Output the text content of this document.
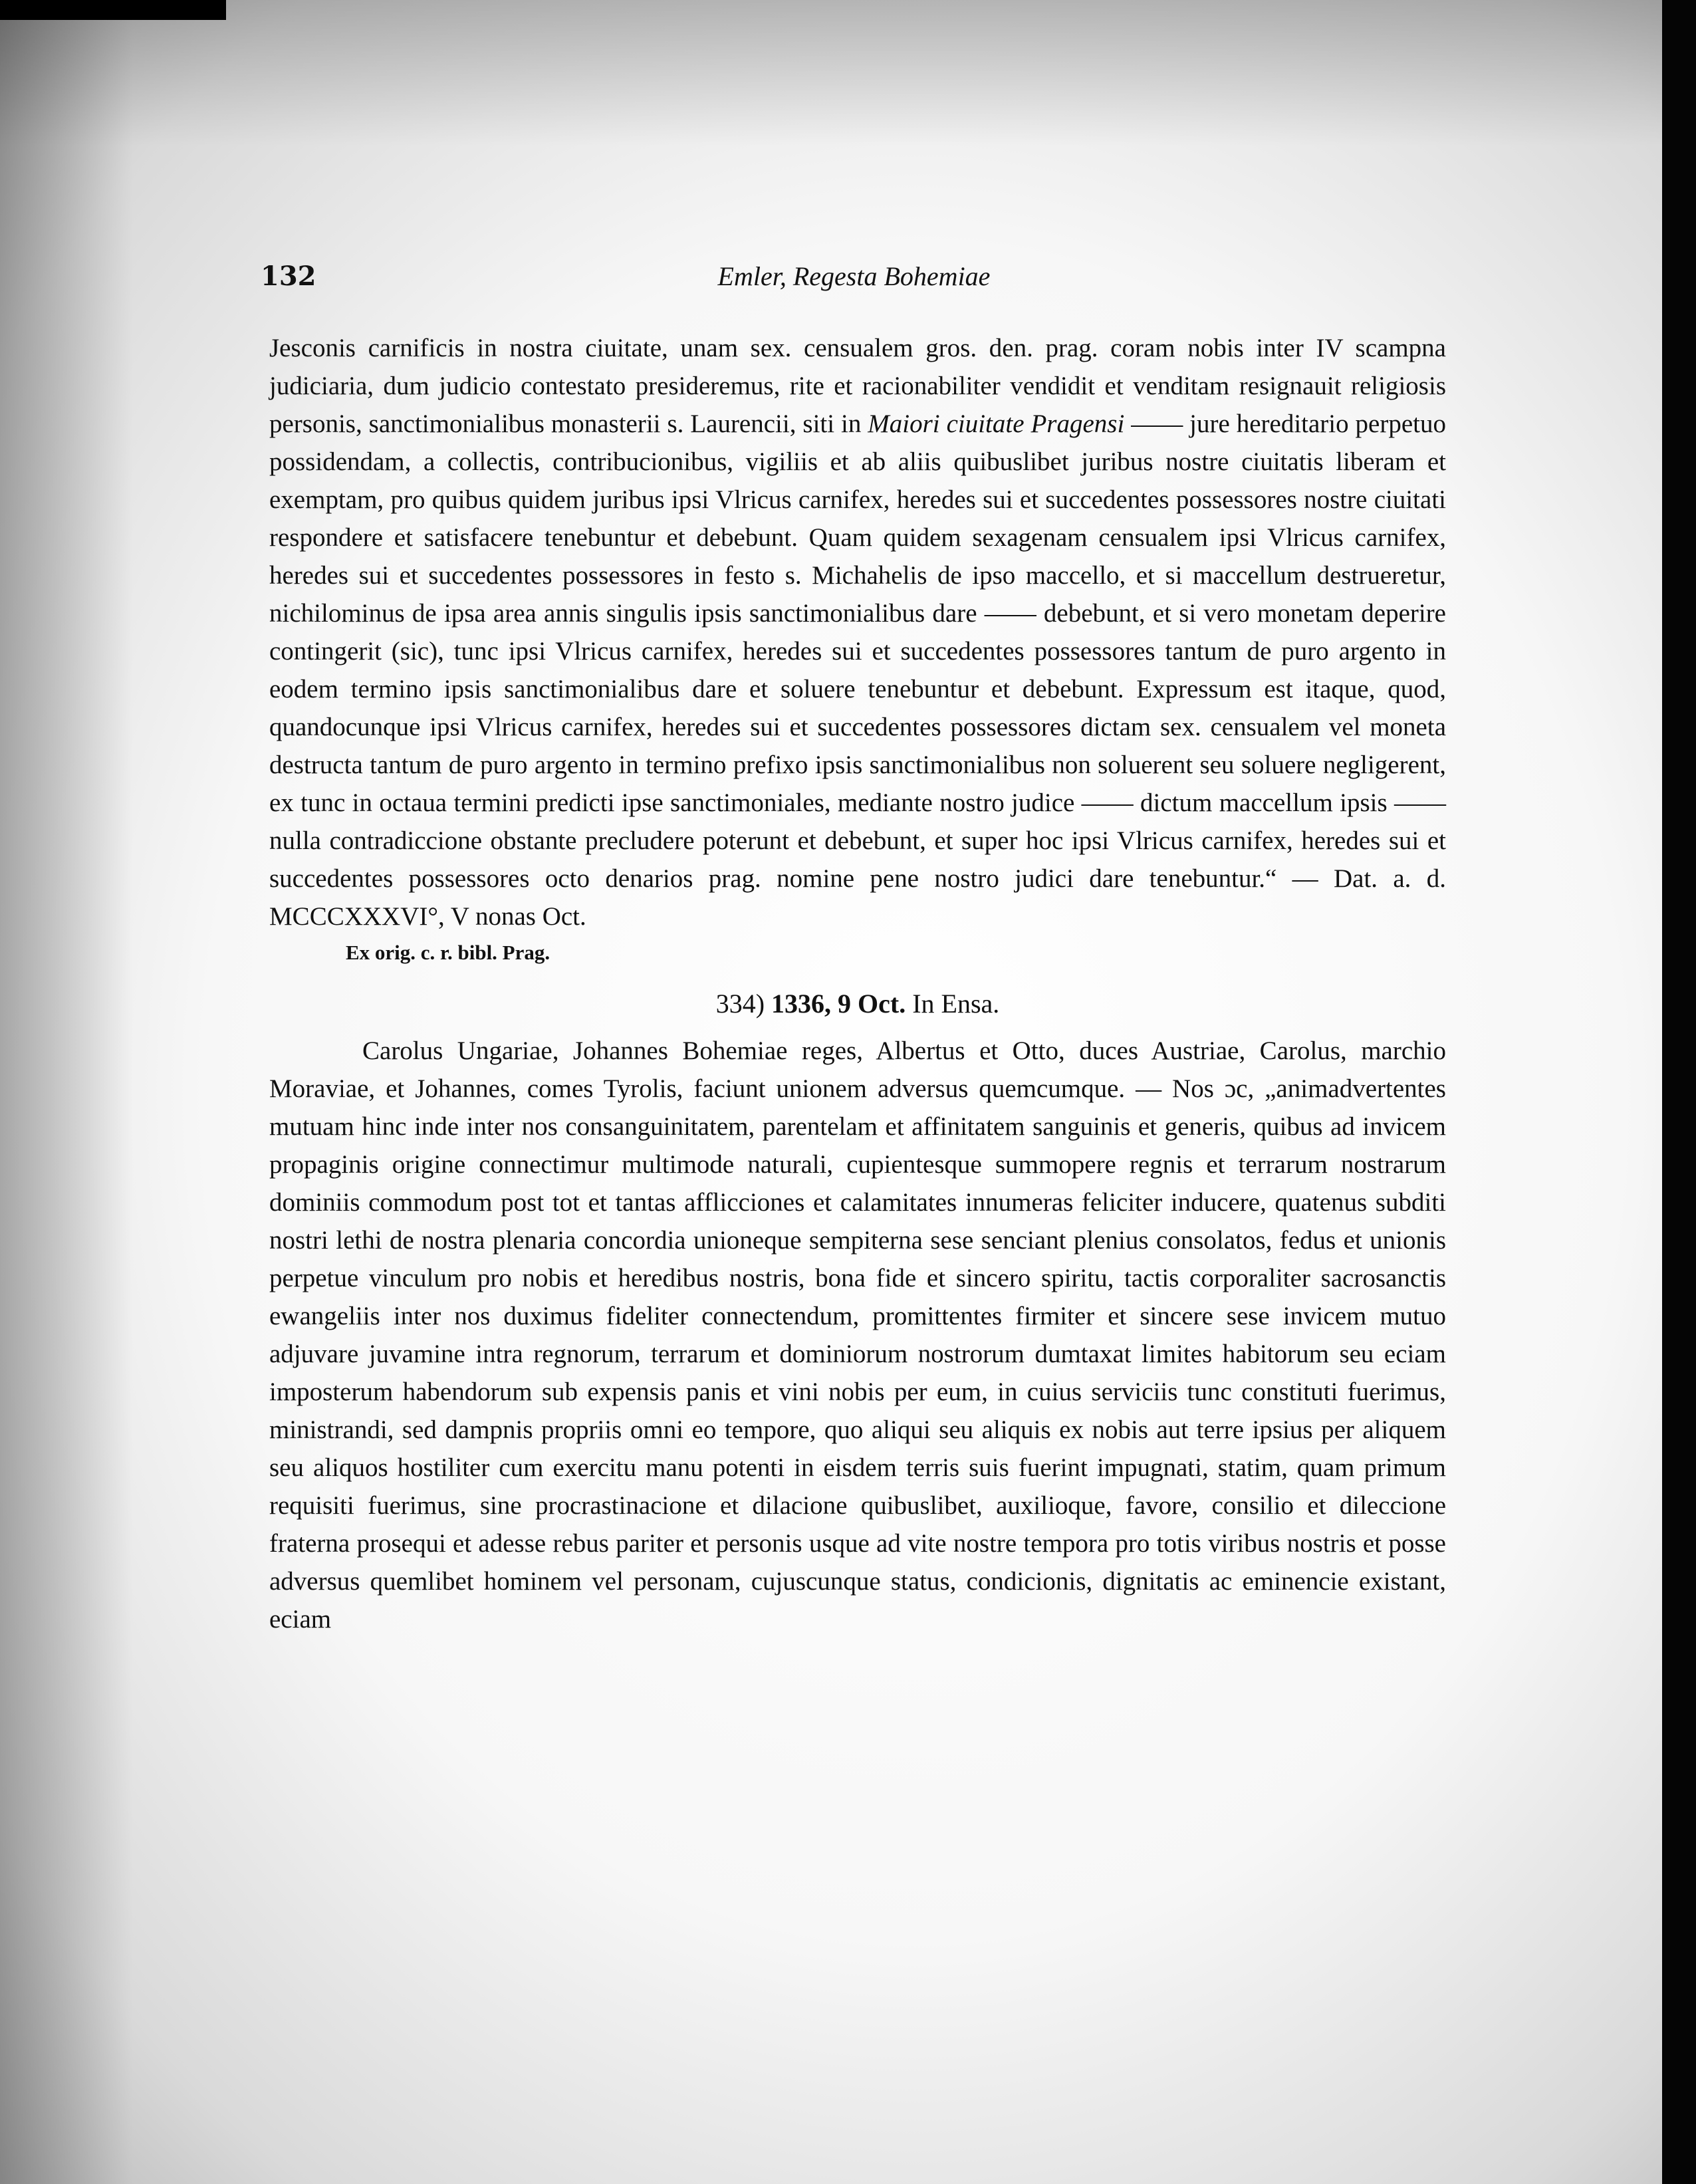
132	Emler, Regesta Bohemiae

Jesconis carnificis in nostra ciuitate, unam sex. censualem gros. den. prag. coram nobis inter IV scampna judiciaria, dum judicio contestato presideremus, rite et racionabiliter vendidit et venditam resignauit religiosis personis, sanctimonialibus monasterii s. Laurencii, siti in Maiori ciuitate Pragensi —— jure hereditario perpetuo possidendam, a collectis, contribucionibus, vigiliis et ab aliis quibuslibet juribus nostre ciuitatis liberam et exemptam, pro quibus quidem juribus ipsi Vlricus carnifex, heredes sui et succedentes possessores nostre ciuitati respondere et satisfacere tenebuntur et debebunt. Quam quidem sexagenam censualem ipsi Vlricus carnifex, heredes sui et succedentes possessores in festo s. Michahelis de ipso maccello, et si maccellum destrueretur, nichilominus de ipsa area annis singulis ipsis sanctimonialibus dare —— debebunt, et si vero monetam deperire contingerit (sic), tunc ipsi Vlricus carnifex, heredes sui et succedentes possessores tantum de puro argento in eodem termino ipsis sanctimonialibus dare et soluere tenebuntur et debebunt. Expressum est itaque, quod, quandocunque ipsi Vlricus carnifex, heredes sui et succedentes possessores dictam sex. censualem vel moneta destructa tantum de puro argento in termino prefixo ipsis sanctimonialibus non soluerent seu soluere negligerent, ex tunc in octaua termini predicti ipse sanctimoniales, mediante nostro judice —— dictum maccellum ipsis —— nulla contradiccione obstante precludere poterunt et debebunt, et super hoc ipsi Vlricus carnifex, heredes sui et succedentes possessores octo denarios prag. nomine pene nostro judici dare tenebuntur.“ — Dat. a. d. MCCCXXXVI°, V nonas Oct.

Ex orig. c. r. bibl. Prag.

334) 1336, 9 Oct. In Ensa.

Carolus Ungariae, Johannes Bohemiae reges, Albertus et Otto, duces Austriae, Carolus, marchio Moraviae, et Johannes, comes Tyrolis, faciunt unionem adversus quemcumque. — Nos ɔc, „animadvertentes mutuam hinc inde inter nos consanguinitatem, parentelam et affinitatem sanguinis et generis, quibus ad invicem propaginis origine connectimur multimode naturali, cupientesque summopere regnis et terrarum nostrarum dominiis commodum post tot et tantas afflicciones et calamitates innumeras feliciter inducere, quatenus subditi nostri lethi de nostra plenaria concordia unioneque sempiterna sese senciant plenius consolatos, fedus et unionis perpetue vinculum pro nobis et heredibus nostris, bona fide et sincero spiritu, tactis corporaliter sacrosanctis ewangeliis inter nos duximus fideliter connectendum, promittentes firmiter et sincere sese invicem mutuo adjuvare juvamine intra regnorum, terrarum et dominiorum nostrorum dumtaxat limites habitorum seu eciam imposterum habendorum sub expensis panis et vini nobis per eum, in cuius serviciis tunc constituti fuerimus, ministrandi, sed dampnis propriis omni eo tempore, quo aliqui seu aliquis ex nobis aut terre ipsius per aliquem seu aliquos hostiliter cum exercitu manu potenti in eisdem terris suis fuerint impugnati, statim, quam primum requisiti fuerimus, sine procrastinacione et dilacione quibuslibet, auxilioque, favore, consilio et dileccione fraterna prosequi et adesse rebus pariter et personis usque ad vite nostre tempora pro totis viribus nostris et posse adversus quemlibet hominem vel personam, cujuscunque status, condicionis, dignitatis ac eminencie existant, eciam
